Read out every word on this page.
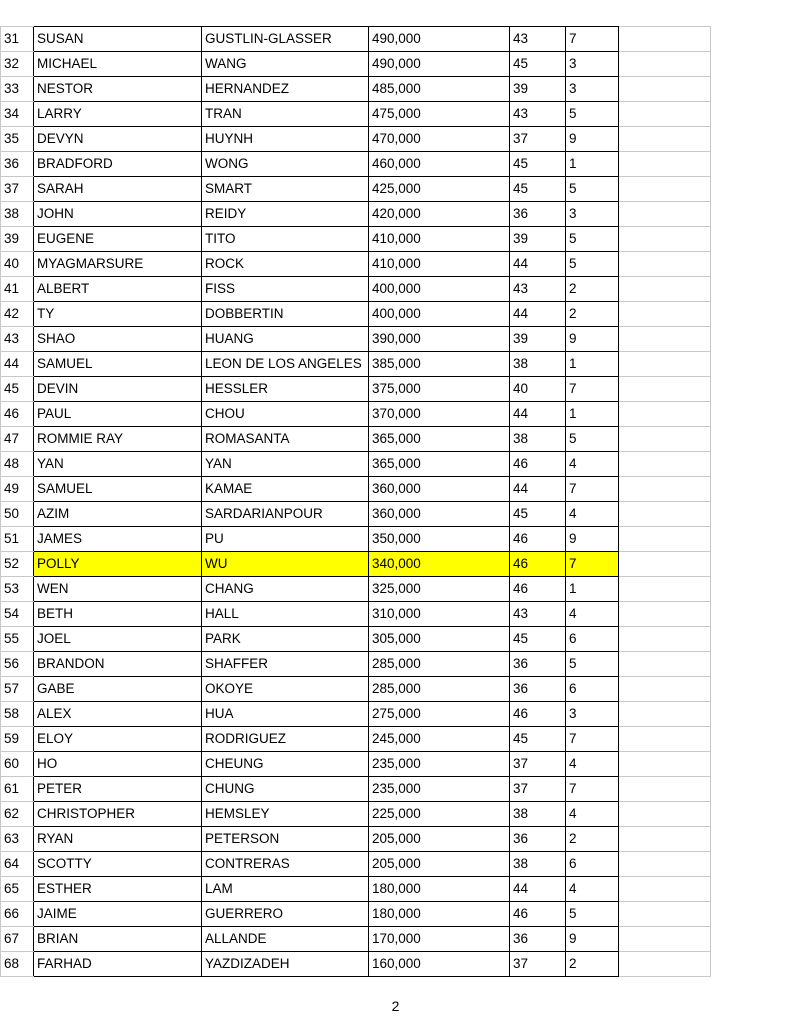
31	SUSAN	GUSTLIN-GLASSER	490,000	43	7	
32	MICHAEL	WANG	490,000	45	3	
33	NESTOR	HERNANDEZ	485,000	39	3	
34	LARRY	TRAN	475,000	43	5	
35	DEVYN	HUYNH	470,000	37	9	
36	BRADFORD	WONG	460,000	45	1	
37	SARAH	SMART	425,000	45	5	
38	JOHN	REIDY	420,000	36	3	
39	EUGENE	TITO	410,000	39	5	
40	MYAGMARSURE	ROCK	410,000	44	5	
41	ALBERT	FISS	400,000	43	2	
42	TY	DOBBERTIN	400,000	44	2	
43	SHAO	HUANG	390,000	39	9	
44	SAMUEL	LEON DE LOS ANGELES	385,000	38	1	
45	DEVIN	HESSLER	375,000	40	7	
46	PAUL	CHOU	370,000	44	1	
47	ROMMIE RAY	ROMASANTA	365,000	38	5	
48	YAN	YAN	365,000	46	4	
49	SAMUEL	KAMAE	360,000	44	7	
50	AZIM	SARDARIANPOUR	360,000	45	4	
51	JAMES	PU	350,000	46	9	
52	POLLY	WU	340,000	46	7	
53	WEN	CHANG	325,000	46	1	
54	BETH	HALL	310,000	43	4	
55	JOEL	PARK	305,000	45	6	
56	BRANDON	SHAFFER	285,000	36	5	
57	GABE	OKOYE	285,000	36	6	
58	ALEX	HUA	275,000	46	3	
59	ELOY	RODRIGUEZ	245,000	45	7	
60	HO	CHEUNG	235,000	37	4	
61	PETER	CHUNG	235,000	37	7	
62	CHRISTOPHER	HEMSLEY	225,000	38	4	
63	RYAN	PETERSON	205,000	36	2	
64	SCOTTY	CONTRERAS	205,000	38	6	
65	ESTHER	LAM	180,000	44	4	
66	JAIME	GUERRERO	180,000	46	5	
67	BRIAN	ALLANDE	170,000	36	9	
68	FARHAD	YAZDIZADEH	160,000	37	2	
2
